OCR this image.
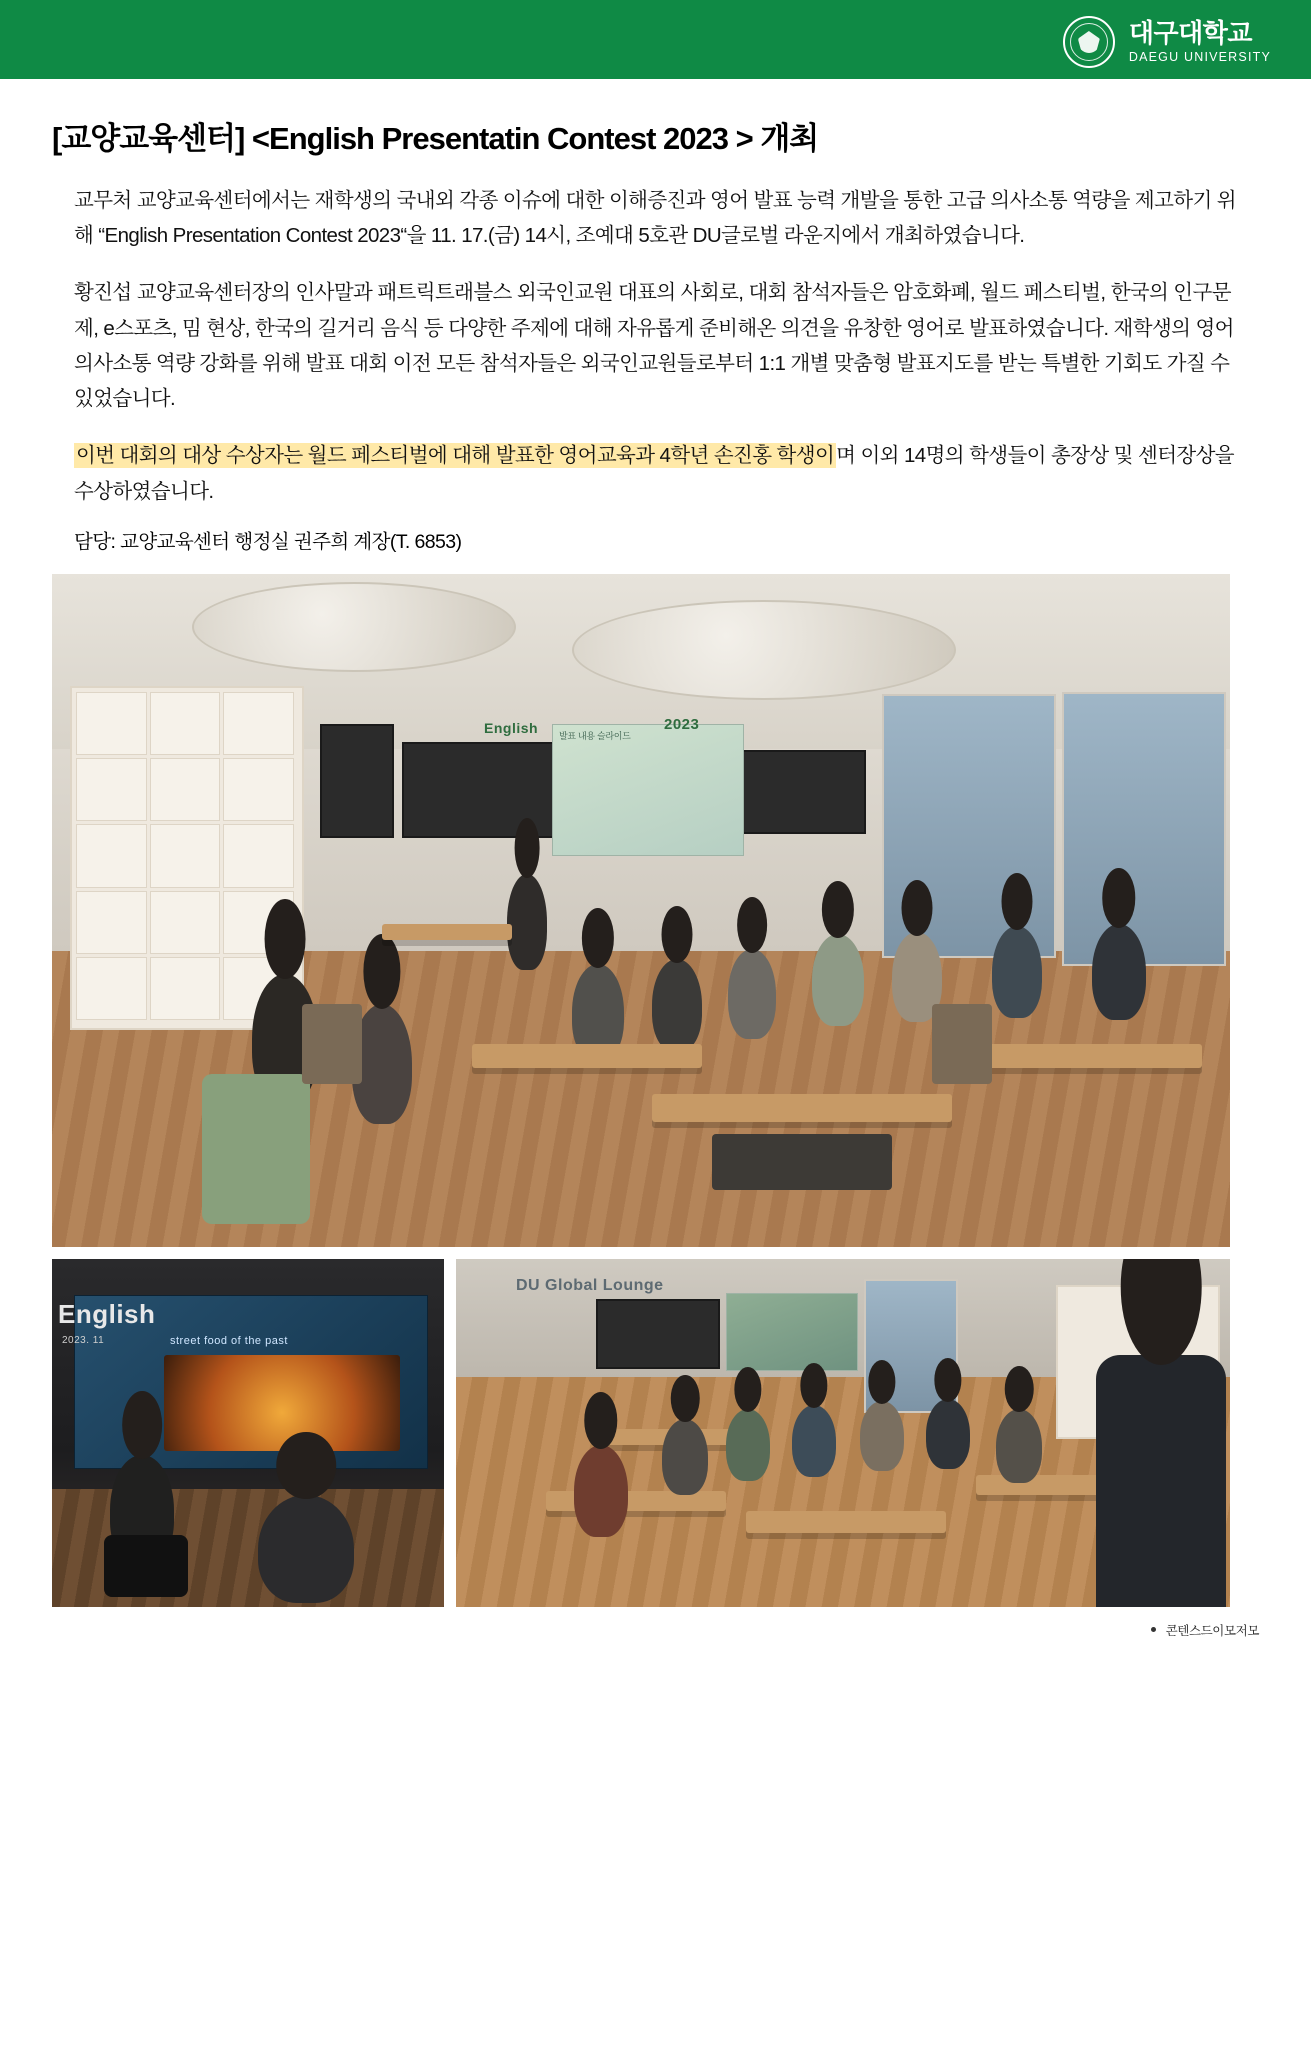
대구대학교
DAEGU UNIVERSITY
[교양교육센터] <English Presentatin Contest 2023 > 개최

교무처 교양교육센터에서는 재학생의 국내외 각종 이슈에 대한 이해증진과 영어 발표 능력 개발을 통한 고급 의사소통 역량을 제고하기 위해 “English Presentation Contest 2023“을 11. 17.(금) 14시, 조예대 5호관 DU글로벌 라운지에서 개최하였습니다.

황진섭 교양교육센터장의 인사말과 패트릭트래블스 외국인교원 대표의 사회로, 대회 참석자들은 암호화폐, 월드 페스티벌, 한국의 인구문제, e스포츠, 밈 현상, 한국의 길거리 음식 등 다양한 주제에 대해 자유롭게 준비해온 의견을 유창한 영어로 발표하였습니다. 재학생의 영어 의사소통 역량 강화를 위해 발표 대회 이전 모든 참석자들은 외국인교원들로부터 1:1 개별 맞춤형 발표지도를 받는 특별한 기회도 가질 수 있었습니다.

이번 대회의 대상 수상자는 월드 페스티벌에 대해 발표한 영어교육과 4학년 손진홍 학생이며 이외 14명의 학생들이 총장상 및 센터장상을 수상하였습니다.

담당: 교양교육센터 행정실 권주희 계장(T. 6853)

발표 내용 슬라이드
English	2023
street food of the past
English
2023. 11
DU Global Lounge
콘텐스드이모저모
